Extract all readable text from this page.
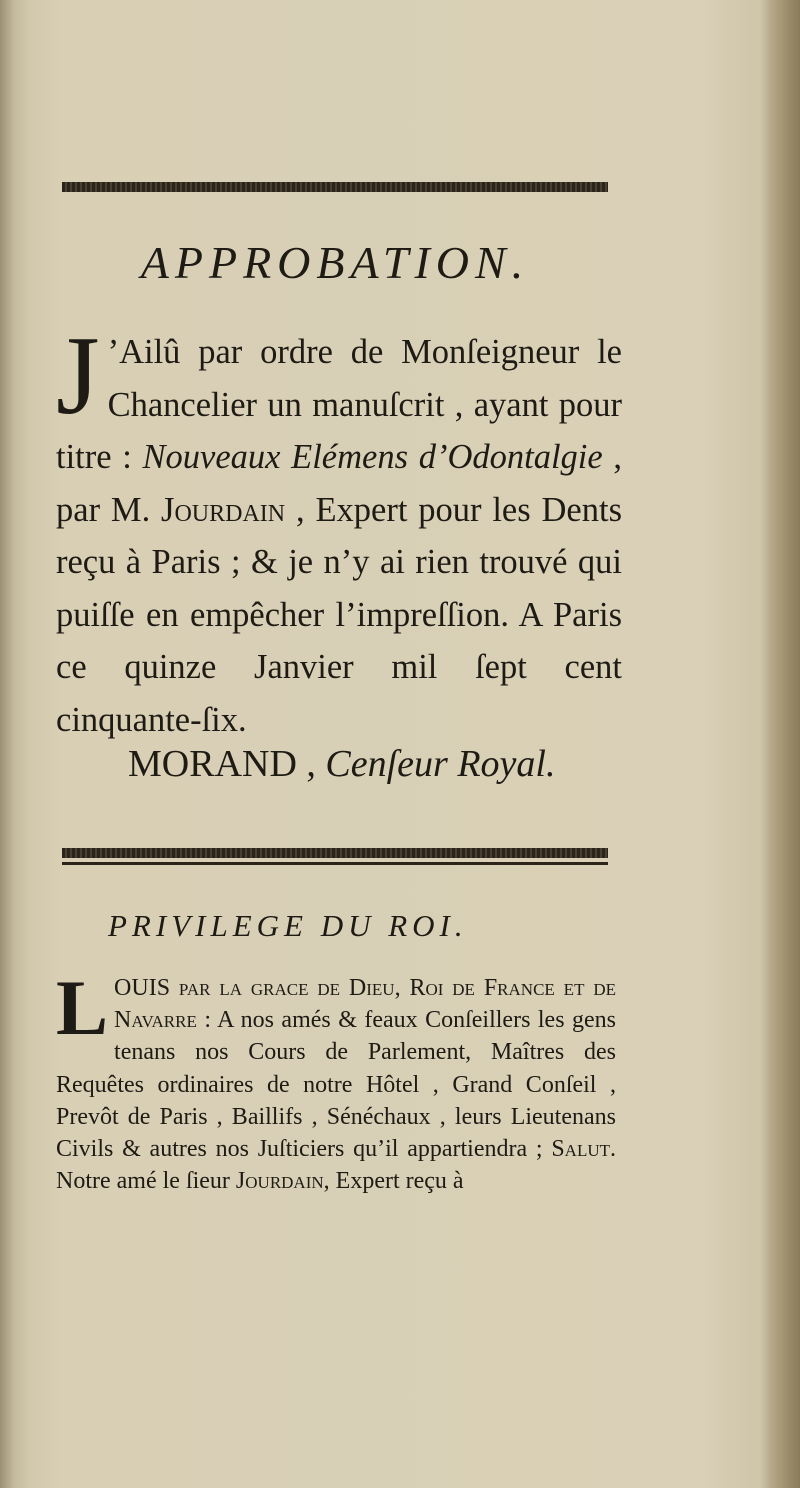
APPROBATION.

J ’Ailû par ordre de Monſeigneur le Chancelier un manuſcrit , ayant pour titre : Nouveaux Elémens d’Odontalgie , par M. Jourdain , Expert pour les Dents reçu à Paris ; & je n’y ai rien trouvé qui puiſſe en empêcher l’impreſſion. A Paris ce quinze Janvier mil ſept cent cinquante-ſix.

MORAND , Cenſeur Royal.
PRIVILEGE DU ROI.

LOUIS par la grace de Dieu, Roi de France et de Navarre : A nos amés & feaux Conſeillers les gens tenans nos Cours de Parlement, Maîtres des Requêtes ordinaires de notre Hôtel , Grand Conſeil , Prevôt de Paris , Baillifs , Sénéchaux , leurs Lieutenans Civils & autres nos Juſticiers qu’il appartiendra ; Salut. Notre amé le ſieur Jourdain, Expert reçu à
